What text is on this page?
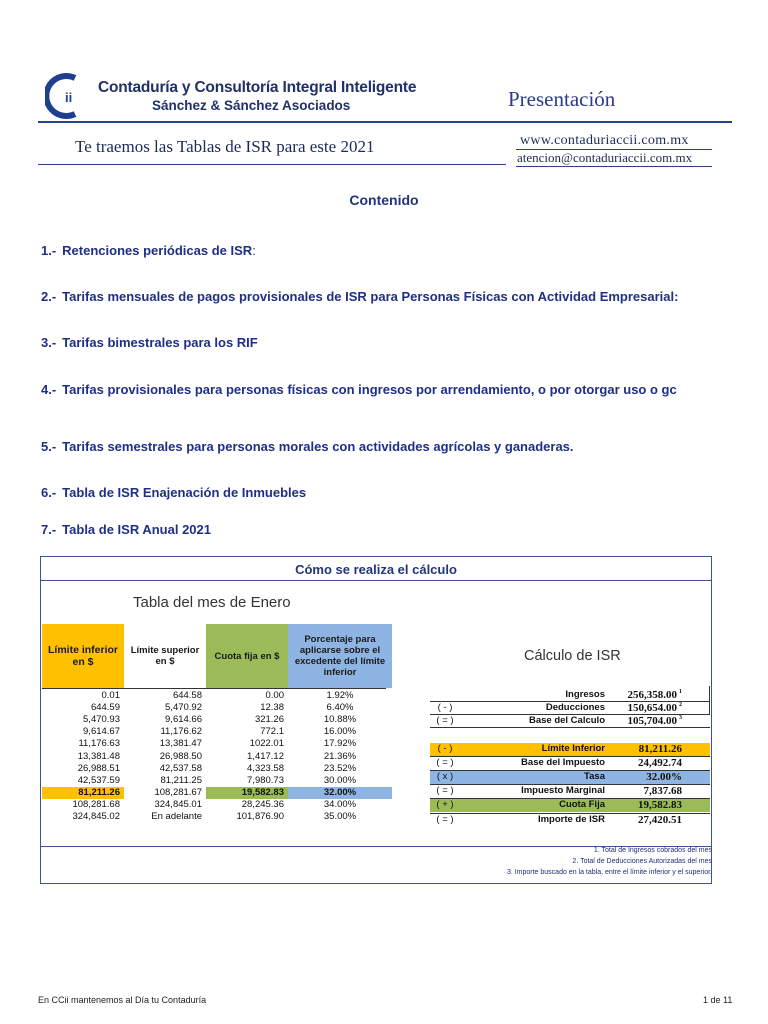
ii
Contaduría y Consultoría Integral Inteligente
Sánchez & Sánchez Asociados	Presentación
Te traemos las Tablas de ISR para este 2021	www.contaduriaccii.com.mx
atencion@contaduriaccii.com.mx
Contenido
1.- Retenciones periódicas de ISR:
2.- Tarifas mensuales de pagos provisionales de ISR para Personas Físicas con Actividad Empresarial:
3.- Tarifas bimestrales para los RIF
4.- Tarifas provisionales para personas físicas con ingresos por arrendamiento, o por otorgar uso o gc
5.- Tarifas semestrales para personas morales con actividades agrícolas y ganaderas.
6.- Tabla de ISR Enajenación de Inmuebles
7.- Tabla de ISR Anual 2021
Cómo se realiza el cálculo
Tabla del mes de Enero
Límite inferior en $	Límite superior en $	Cuota fija en $	Porcentaje para aplicarse sobre el excedente del límite inferior
0.01	644.58	0.00	1.92%
644.59	5,470.92	12.38	6.40%
5,470.93	9,614.66	321.26	10.88%
9,614.67	11,176.62	772.1	16.00%
11,176.63	13,381.47	1022.01	17.92%
13,381.48	26,988.50	1,417.12	21.36%
26,988.51	42,537.58	4,323.58	23.52%
42,537.59	81,211.25	7,980.73	30.00%
81,211.26	108,281.67	19,582.83	32.00%
108,281.68	324,845.01	28,245.36	34.00%
324,845.02	En adelante	101,876.90	35.00%
Cálculo de ISR
Ingresos	256,358.00 $^1$
( - )	Deducciones	150,654.00 $^2$
( = )	Base del Calculo	105,704.00 $^3$
( - )	Límite Inferior	81,211.26
( = )	Base del Impuesto	24,492.74
( x )	Tasa	32.00%
( = )	Impuesto Marginal	7,837.68
( + )	Cuota Fija	19,582.83
( = )	Importe de ISR	27,420.51
1. Total de Ingresos cobrados del mes
2. Total de Deducciones Autorizadas del mes
3. Importe buscado en la tabla, entre el límite inferior y el superior.
En CCii mantenemos al Día tu Contaduría	1 de 11
